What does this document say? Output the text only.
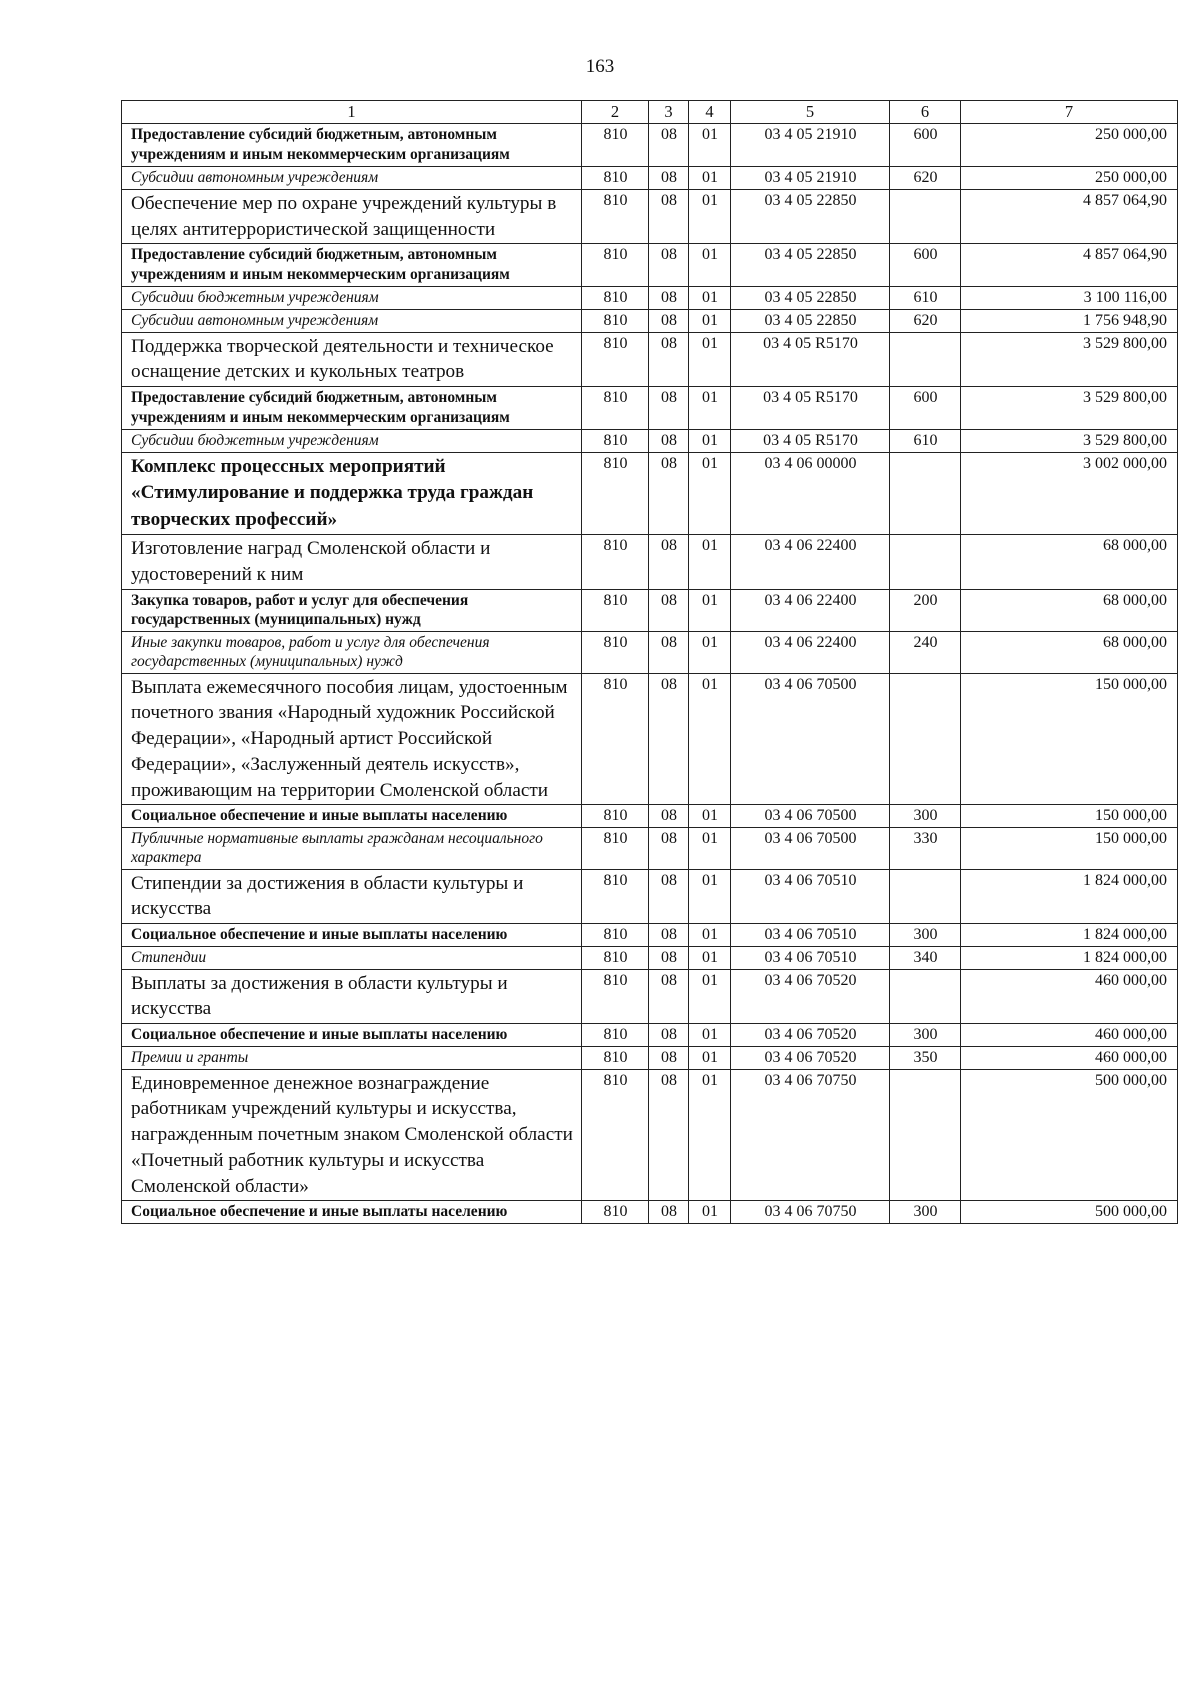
163
1	2	3	4	5	6	7
Предоставление субсидий бюджетным, автономным учреждениям и иным некоммерческим организациям	810	08	01	03 4 05 21910	600	250 000,00
Субсидии автономным учреждениям	810	08	01	03 4 05 21910	620	250 000,00
Обеспечение мер по охране учреждений культуры в целях антитеррористической защищенности	810	08	01	03 4 05 22850		4 857 064,90
Предоставление субсидий бюджетным, автономным учреждениям и иным некоммерческим организациям	810	08	01	03 4 05 22850	600	4 857 064,90
Субсидии бюджетным учреждениям	810	08	01	03 4 05 22850	610	3 100 116,00
Субсидии автономным учреждениям	810	08	01	03 4 05 22850	620	1 756 948,90
Поддержка творческой деятельности и техническое оснащение детских и кукольных театров	810	08	01	03 4 05 R5170		3 529 800,00
Предоставление субсидий бюджетным, автономным учреждениям и иным некоммерческим организациям	810	08	01	03 4 05 R5170	600	3 529 800,00
Субсидии бюджетным учреждениям	810	08	01	03 4 05 R5170	610	3 529 800,00
Комплекс процессных мероприятий «Стимулирование и поддержка труда граждан творческих профессий»	810	08	01	03 4 06 00000		3 002 000,00
Изготовление наград Смоленской области и удостоверений к ним	810	08	01	03 4 06 22400		68 000,00
Закупка товаров, работ и услуг для обеспечения государственных (муниципальных) нужд	810	08	01	03 4 06 22400	200	68 000,00
Иные закупки товаров, работ и услуг для обеспечения государственных (муниципальных) нужд	810	08	01	03 4 06 22400	240	68 000,00
Выплата ежемесячного пособия лицам, удостоенным почетного звания «Народный художник Российской Федерации», «Народный артист Российской Федерации», «Заслуженный деятель искусств», проживающим на территории Смоленской области	810	08	01	03 4 06 70500		150 000,00
Социальное обеспечение и иные выплаты населению	810	08	01	03 4 06 70500	300	150 000,00
Публичные нормативные выплаты гражданам несоциального характера	810	08	01	03 4 06 70500	330	150 000,00
Стипендии за достижения в области культуры и искусства	810	08	01	03 4 06 70510		1 824 000,00
Социальное обеспечение и иные выплаты населению	810	08	01	03 4 06 70510	300	1 824 000,00
Стипендии	810	08	01	03 4 06 70510	340	1 824 000,00
Выплаты за достижения в области культуры и искусства	810	08	01	03 4 06 70520		460 000,00
Социальное обеспечение и иные выплаты населению	810	08	01	03 4 06 70520	300	460 000,00
Премии и гранты	810	08	01	03 4 06 70520	350	460 000,00
Единовременное денежное вознаграждение работникам учреждений культуры и искусства, награжденным почетным знаком Смоленской области «Почетный работник культуры и искусства Смоленской области»	810	08	01	03 4 06 70750		500 000,00
Социальное обеспечение и иные выплаты населению	810	08	01	03 4 06 70750	300	500 000,00
